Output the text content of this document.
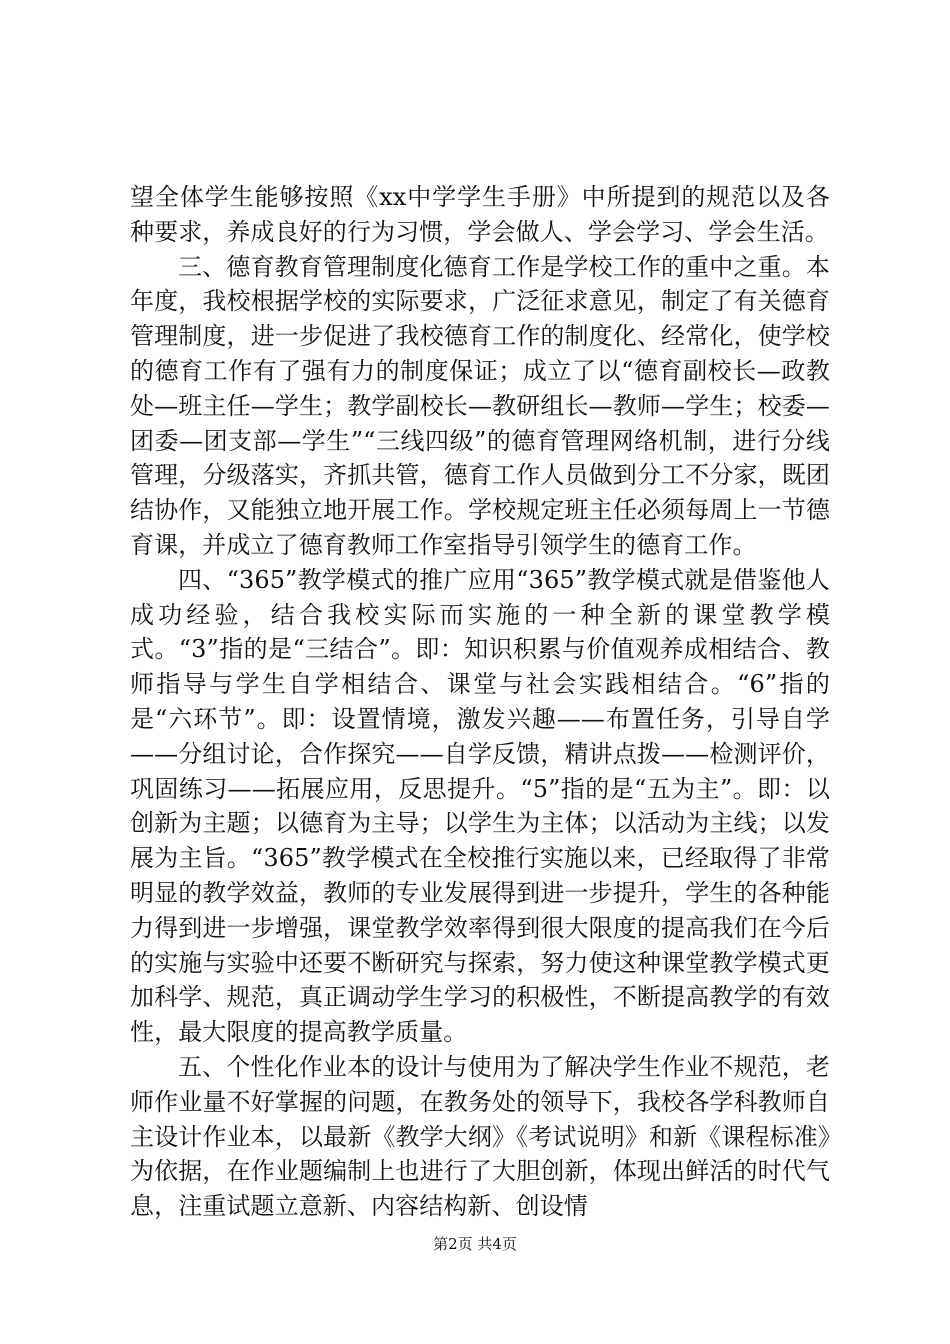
望全体学生能够按照《xx中学学生手册》中所提到的规范以及各种要求，养成良好的行为习惯，学会做人、学会学习、学会生活。

三、德育教育管理制度化德育工作是学校工作的重中之重。本年度，我校根据学校的实际要求，广泛征求意见，制定了有关德育管理制度，进一步促进了我校德育工作的制度化、经常化，使学校的德育工作有了强有力的制度保证；成立了以“德育副校长—政教处—班主任—学生；教学副校长—教研组长—教师—学生；校委—团委—团支部—学生”“三线四级”的德育管理网络机制，进行分线管理，分级落实，齐抓共管，德育工作人员做到分工不分家，既团结协作，又能独立地开展工作。学校规定班主任必须每周上一节德育课，并成立了德育教师工作室指导引领学生的德育工作。

四、“365”教学模式的推广应用“365”教学模式就是借鉴他人成功经验，结合我校实际而实施的一种全新的课堂教学模式。“3”指的是“三结合”。即：知识积累与价值观养成相结合、教师指导与学生自学相结合、课堂与社会实践相结合。“6”指的是“六环节”。即：设置情境，激发兴趣——布置任务，引导自学——分组讨论，合作探究——自学反馈，精讲点拨——检测评价，巩固练习——拓展应用，反思提升。“5”指的是“五为主”。即：以创新为主题；以德育为主导；以学生为主体；以活动为主线；以发展为主旨。“365”教学模式在全校推行实施以来，已经取得了非常明显的教学效益，教师的专业发展得到进一步提升，学生的各种能力得到进一步增强，课堂教学效率得到很大限度的提高我们在今后的实施与实验中还要不断研究与探索，努力使这种课堂教学模式更加科学、规范，真正调动学生学习的积极性，不断提高教学的有效性，最大限度的提高教学质量。

五、个性化作业本的设计与使用为了解决学生作业不规范，老师作业量不好掌握的问题，在教务处的领导下，我校各学科教师自主设计作业本，以最新《教学大纲》《考试说明》和新《课程标准》为依据，在作业题编制上也进行了大胆创新，体现出鲜活的时代气息，注重试题立意新、内容结构新、创设情

第2页 共4页
